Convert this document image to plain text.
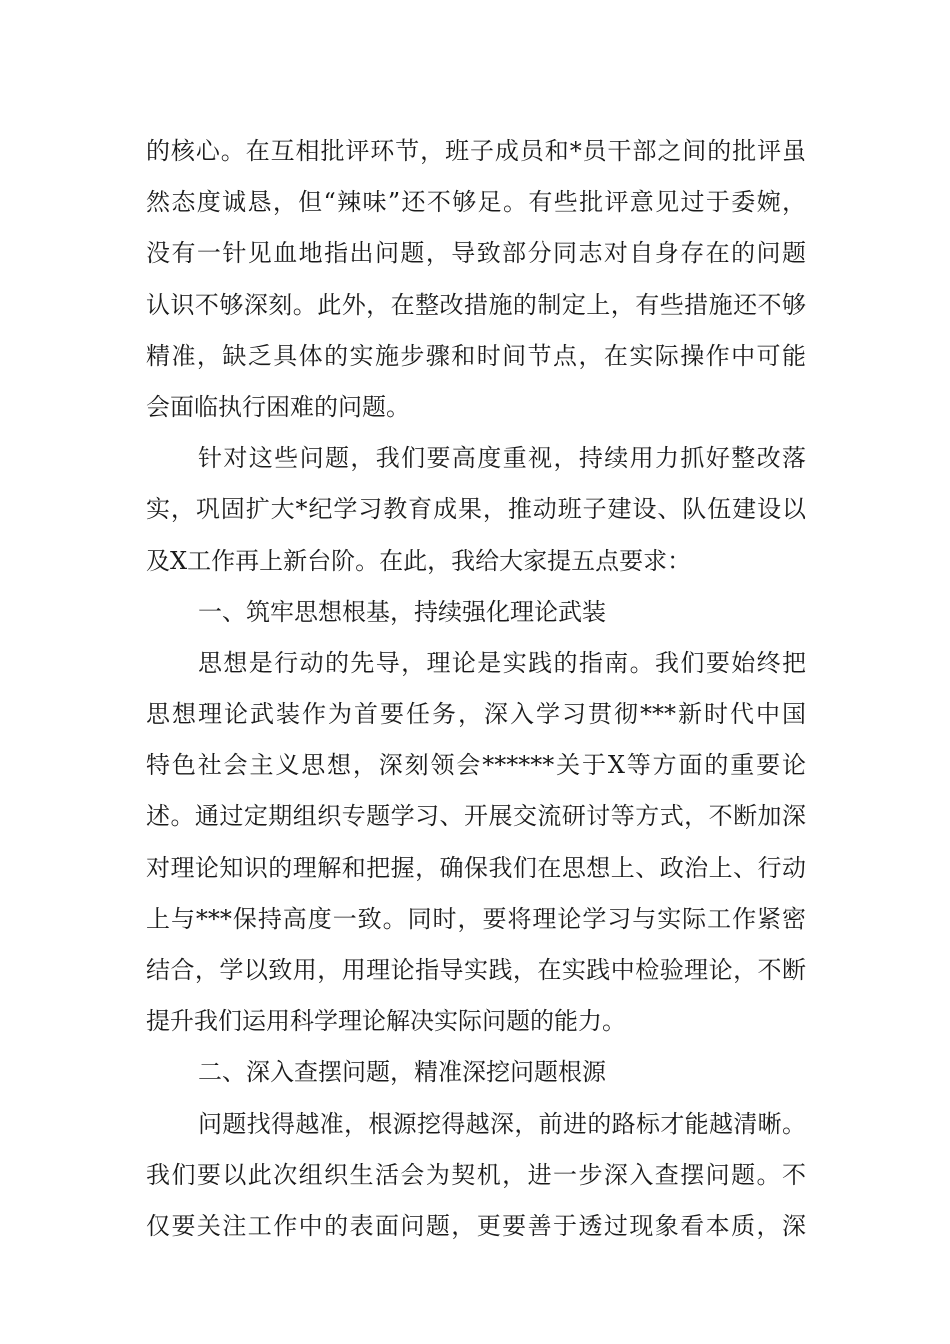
的核心。在互相批评环节，班子成员和*员干部之间的批评虽
然态度诚恳，但“辣味”还不够足。有些批评意见过于委婉，
没有一针见血地指出问题，导致部分同志对自身存在的问题
认识不够深刻。此外，在整改措施的制定上，有些措施还不够
精准，缺乏具体的实施步骤和时间节点，在实际操作中可能
会面临执行困难的问题。
针对这些问题，我们要高度重视，持续用力抓好整改落
实，巩固扩大*纪学习教育成果，推动班子建设、队伍建设以
及X工作再上新台阶。在此，我给大家提五点要求：
一、筑牢思想根基，持续强化理论武装
思想是行动的先导，理论是实践的指南。我们要始终把
思想理论武装作为首要任务，深入学习贯彻***新时代中国
特色社会主义思想，深刻领会******关于X等方面的重要论
述。通过定期组织专题学习、开展交流研讨等方式，不断加深
对理论知识的理解和把握，确保我们在思想上、政治上、行动
上与***保持高度一致。同时，要将理论学习与实际工作紧密
结合，学以致用，用理论指导实践，在实践中检验理论，不断
提升我们运用科学理论解决实际问题的能力。
二、深入查摆问题，精准深挖问题根源
问题找得越准，根源挖得越深，前进的路标才能越清晰。
我们要以此次组织生活会为契机，进一步深入查摆问题。不
仅要关注工作中的表面问题，更要善于透过现象看本质，深
